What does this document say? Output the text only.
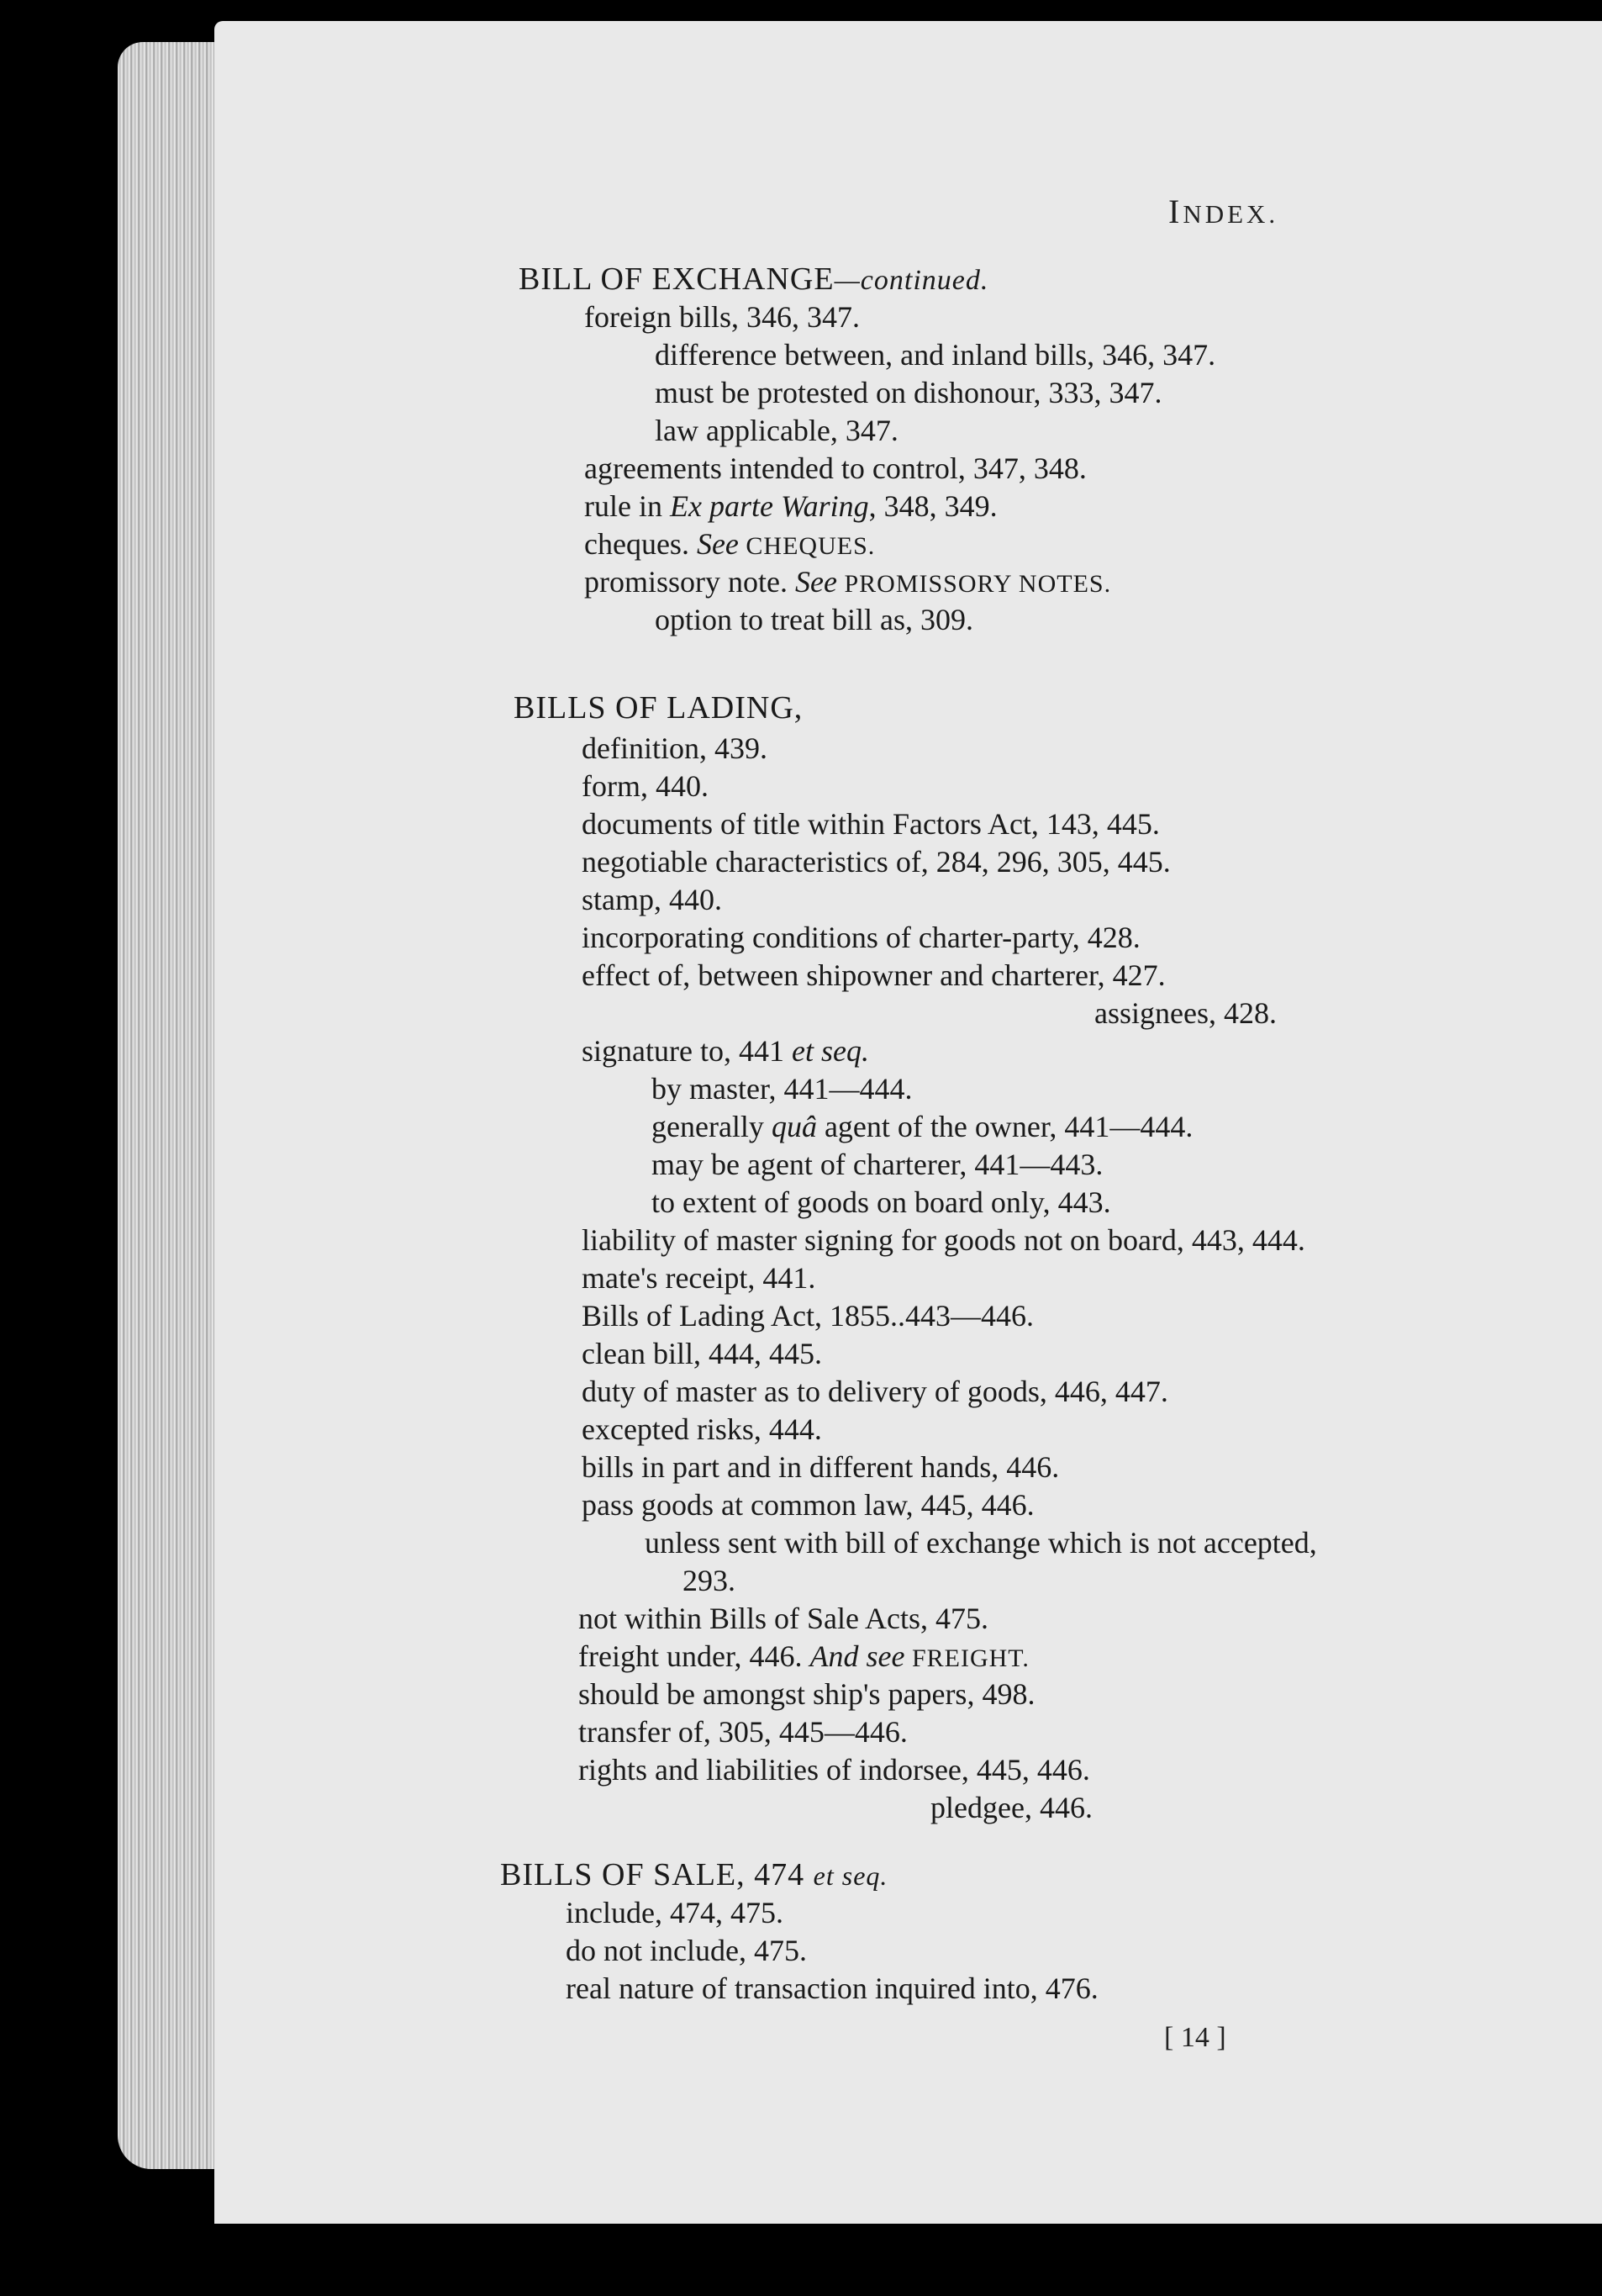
INDEX.
BILL OF EXCHANGE—continued.
foreign bills, 346, 347.
difference between, and inland bills, 346, 347.
must be protested on dishonour, 333, 347.
law applicable, 347.
agreements intended to control, 347, 348.
rule in Ex parte Waring, 348, 349.
cheques. See CHEQUES.
promissory note. See PROMISSORY NOTES.
option to treat bill as, 309.
BILLS OF LADING,
definition, 439.
form, 440.
documents of title within Factors Act, 143, 445.
negotiable characteristics of, 284, 296, 305, 445.
stamp, 440.
incorporating conditions of charter-party, 428.
effect of, between shipowner and charterer, 427.
assignees, 428.
signature to, 441 et seq.
by master, 441—444.
generally quâ agent of the owner, 441—444.
may be agent of charterer, 441—443.
to extent of goods on board only, 443.
liability of master signing for goods not on board, 443, 444.
mate's receipt, 441.
Bills of Lading Act, 1855..443—446.
clean bill, 444, 445.
duty of master as to delivery of goods, 446, 447.
excepted risks, 444.
bills in part and in different hands, 446.
pass goods at common law, 445, 446.
unless sent with bill of exchange which is not accepted,
293.
not within Bills of Sale Acts, 475.
freight under, 446. And see FREIGHT.
should be amongst ship's papers, 498.
transfer of, 305, 445—446.
rights and liabilities of indorsee, 445, 446.
pledgee, 446.
BILLS OF SALE, 474 et seq.
include, 474, 475.
do not include, 475.
real nature of transaction inquired into, 476.
[ 14 ]
